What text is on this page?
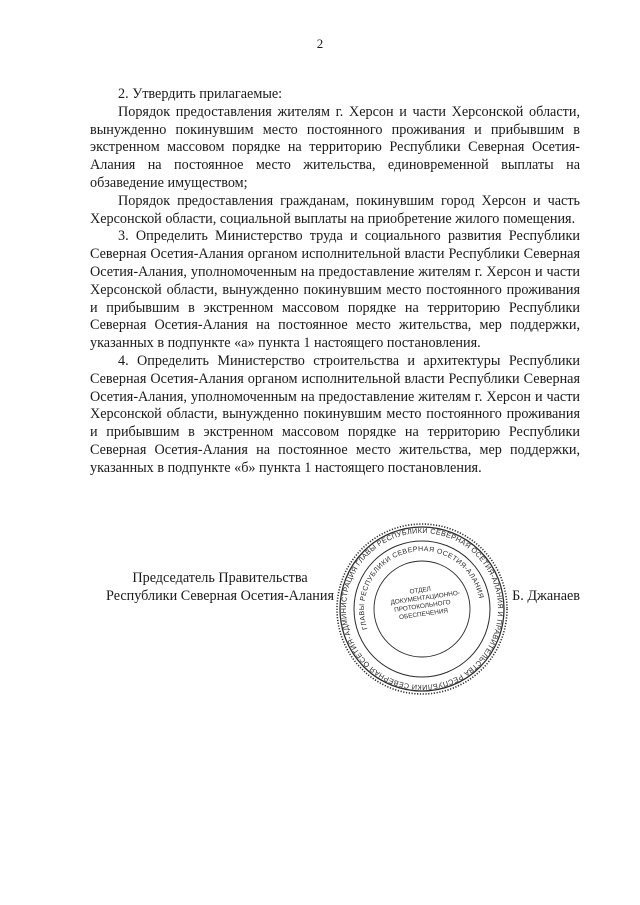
2

2. Утвердить прилагаемые:

Порядок предоставления жителям г. Херсон и части Херсонской области, вынужденно покинувшим место постоянного проживания и прибывшим в экстренном массовом порядке на территорию Республики Северная Осетия-Алания на постоянное место жительства, единовременной выплаты на обзаведение имуществом;

Порядок предоставления гражданам, покинувшим город Херсон и часть Херсонской области, социальной выплаты на приобретение жилого помещения.

3. Определить Министерство труда и социального развития Республики Северная Осетия-Алания органом исполнительной власти Республики Северная Осетия-Алания, уполномоченным на предоставление жителям г. Херсон и части Херсонской области, вынужденно покинувшим место постоянного проживания и прибывшим в экстренном массовом порядке на территорию Республики Северная Осетия-Алания на постоянное место жительства, мер поддержки, указанных в подпункте «а» пункта 1 настоящего постановления.

4. Определить Министерство строительства и архитектуры Республики Северная Осетия-Алания органом исполнительной власти Республики Северная Осетия-Алания, уполномоченным на предоставление жителям г. Херсон и части Херсонской области, вынужденно покинувшим место постоянного проживания и прибывшим в экстренном массовом порядке на территорию Республики Северная Осетия-Алания на постоянное место жительства, мер поддержки, указанных в подпункте «б» пункта 1 настоящего постановления.

Председатель Правительства
Республики Северная Осетия-Алания	Б. Джанаев
АДМИНИСТРАЦИЯ ГЛАВЫ РЕСПУБЛИКИ СЕВЕРНАЯ ОСЕТИЯ-АЛАНИЯ И ПРАВИТЕЛЬСТВА РЕСПУБЛИКИ СЕВЕРНАЯ ОСЕТИЯ-АЛАНИЯ
ГЛАВЫ РЕСПУБЛИКИ СЕВЕРНАЯ ОСЕТИЯ-АЛАНИЯ
ОТДЕЛ ДОКУМЕНТАЦИОННО-ПРОТОКОЛЬНОГО ОБЕСПЕЧЕНИЯ
